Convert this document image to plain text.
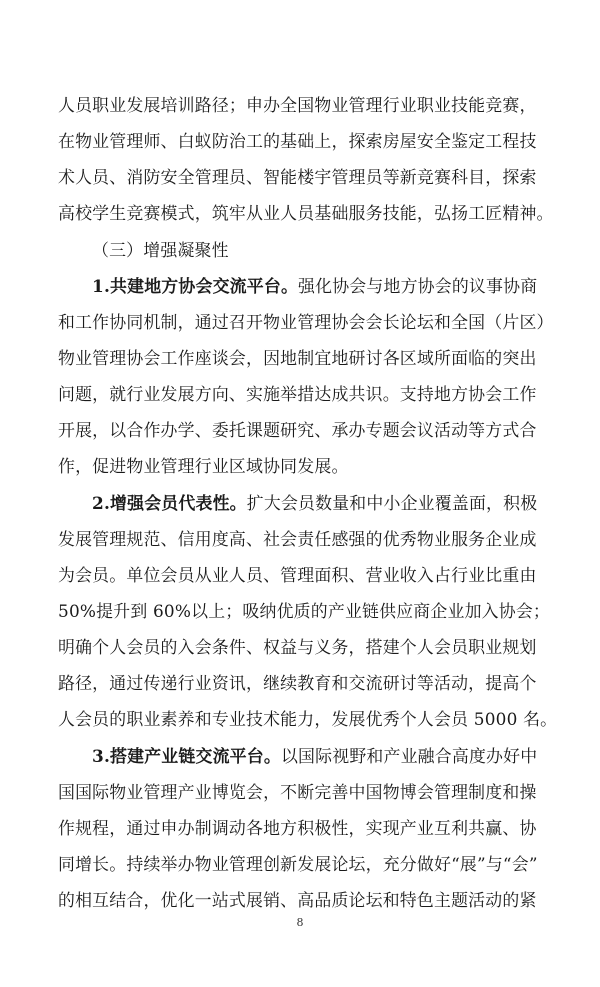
人员职业发展培训路径；申办全国物业管理行业职业技能竞赛，
在物业管理师、白蚁防治工的基础上，探索房屋安全鉴定工程技
术人员、消防安全管理员、智能楼宇管理员等新竞赛科目，探索
高校学生竞赛模式，筑牢从业人员基础服务技能，弘扬工匠精神。
（三）增强凝聚性
1.共建地方协会交流平台。强化协会与地方协会的议事协商
和工作协同机制，通过召开物业管理协会会长论坛和全国（片区）
物业管理协会工作座谈会，因地制宜地研讨各区域所面临的突出
问题，就行业发展方向、实施举措达成共识。支持地方协会工作
开展，以合作办学、委托课题研究、承办专题会议活动等方式合
作，促进物业管理行业区域协同发展。
2.增强会员代表性。扩大会员数量和中小企业覆盖面，积极
发展管理规范、信用度高、社会责任感强的优秀物业服务企业成
为会员。单位会员从业人员、管理面积、营业收入占行业比重由
50%提升到 60%以上；吸纳优质的产业链供应商企业加入协会；
明确个人会员的入会条件、权益与义务，搭建个人会员职业规划
路径，通过传递行业资讯，继续教育和交流研讨等活动，提高个
人会员的职业素养和专业技术能力，发展优秀个人会员 5000 名。
3.搭建产业链交流平台。以国际视野和产业融合高度办好中
国国际物业管理产业博览会，不断完善中国物博会管理制度和操
作规程，通过申办制调动各地方积极性，实现产业互利共赢、协
同增长。持续举办物业管理创新发展论坛，充分做好“展”与“会”
的相互结合，优化一站式展销、高品质论坛和特色主题活动的紧
8
